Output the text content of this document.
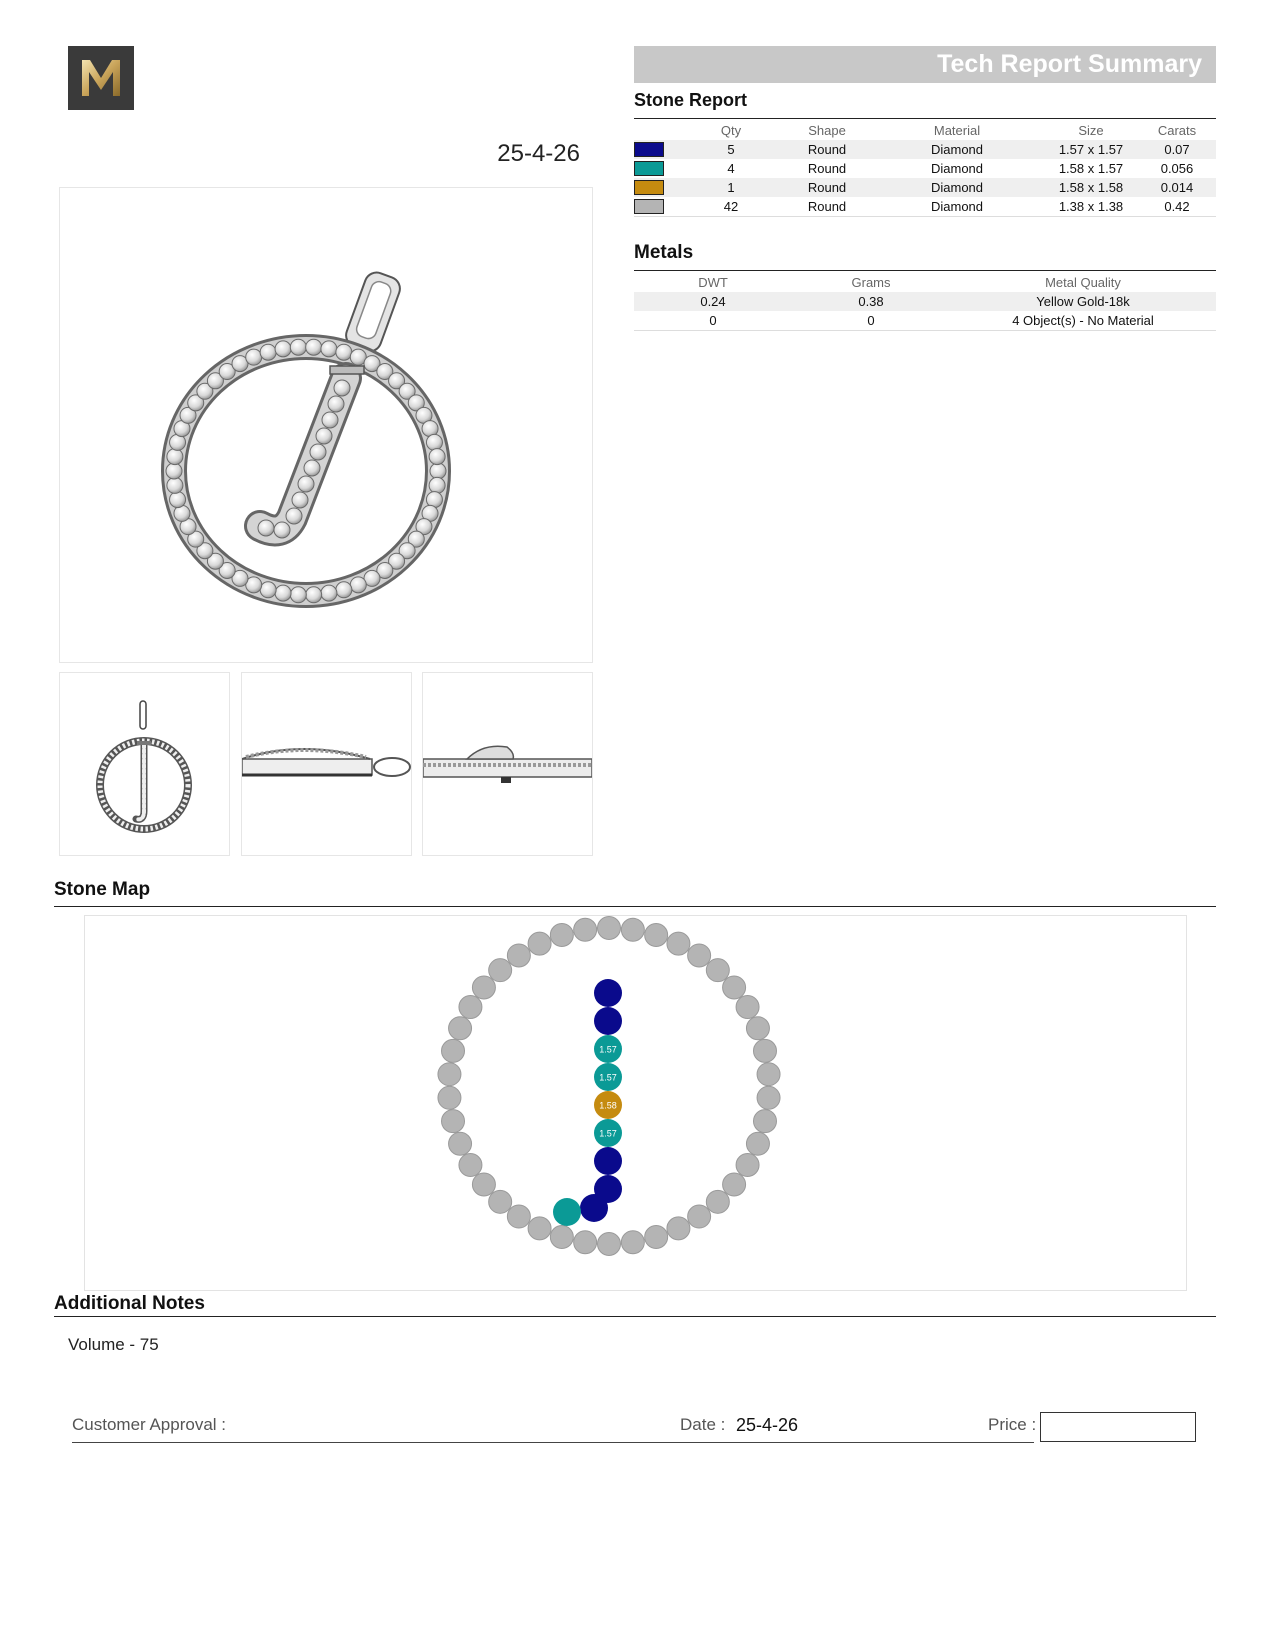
25-4-26
Tech Report Summary
Stone Report
	Qty	Shape	Material	Size	Carats

	5	Round	Diamond	1.57 x 1.57	0.07

	4	Round	Diamond	1.58 x 1.57	0.056

	1	Round	Diamond	1.58 x 1.58	0.014

	42	Round	Diamond	1.38 x 1.38	0.42
Metals
DWT	Grams	Metal Quality
0.24	0.38	Yellow Gold-18k
0	0	4 Object(s) - No Material
Stone Map
1.57
1.57
1.58
1.57
Additional Notes
Volume - 75
Customer Approval :	Date : 25-4-26	Price :
